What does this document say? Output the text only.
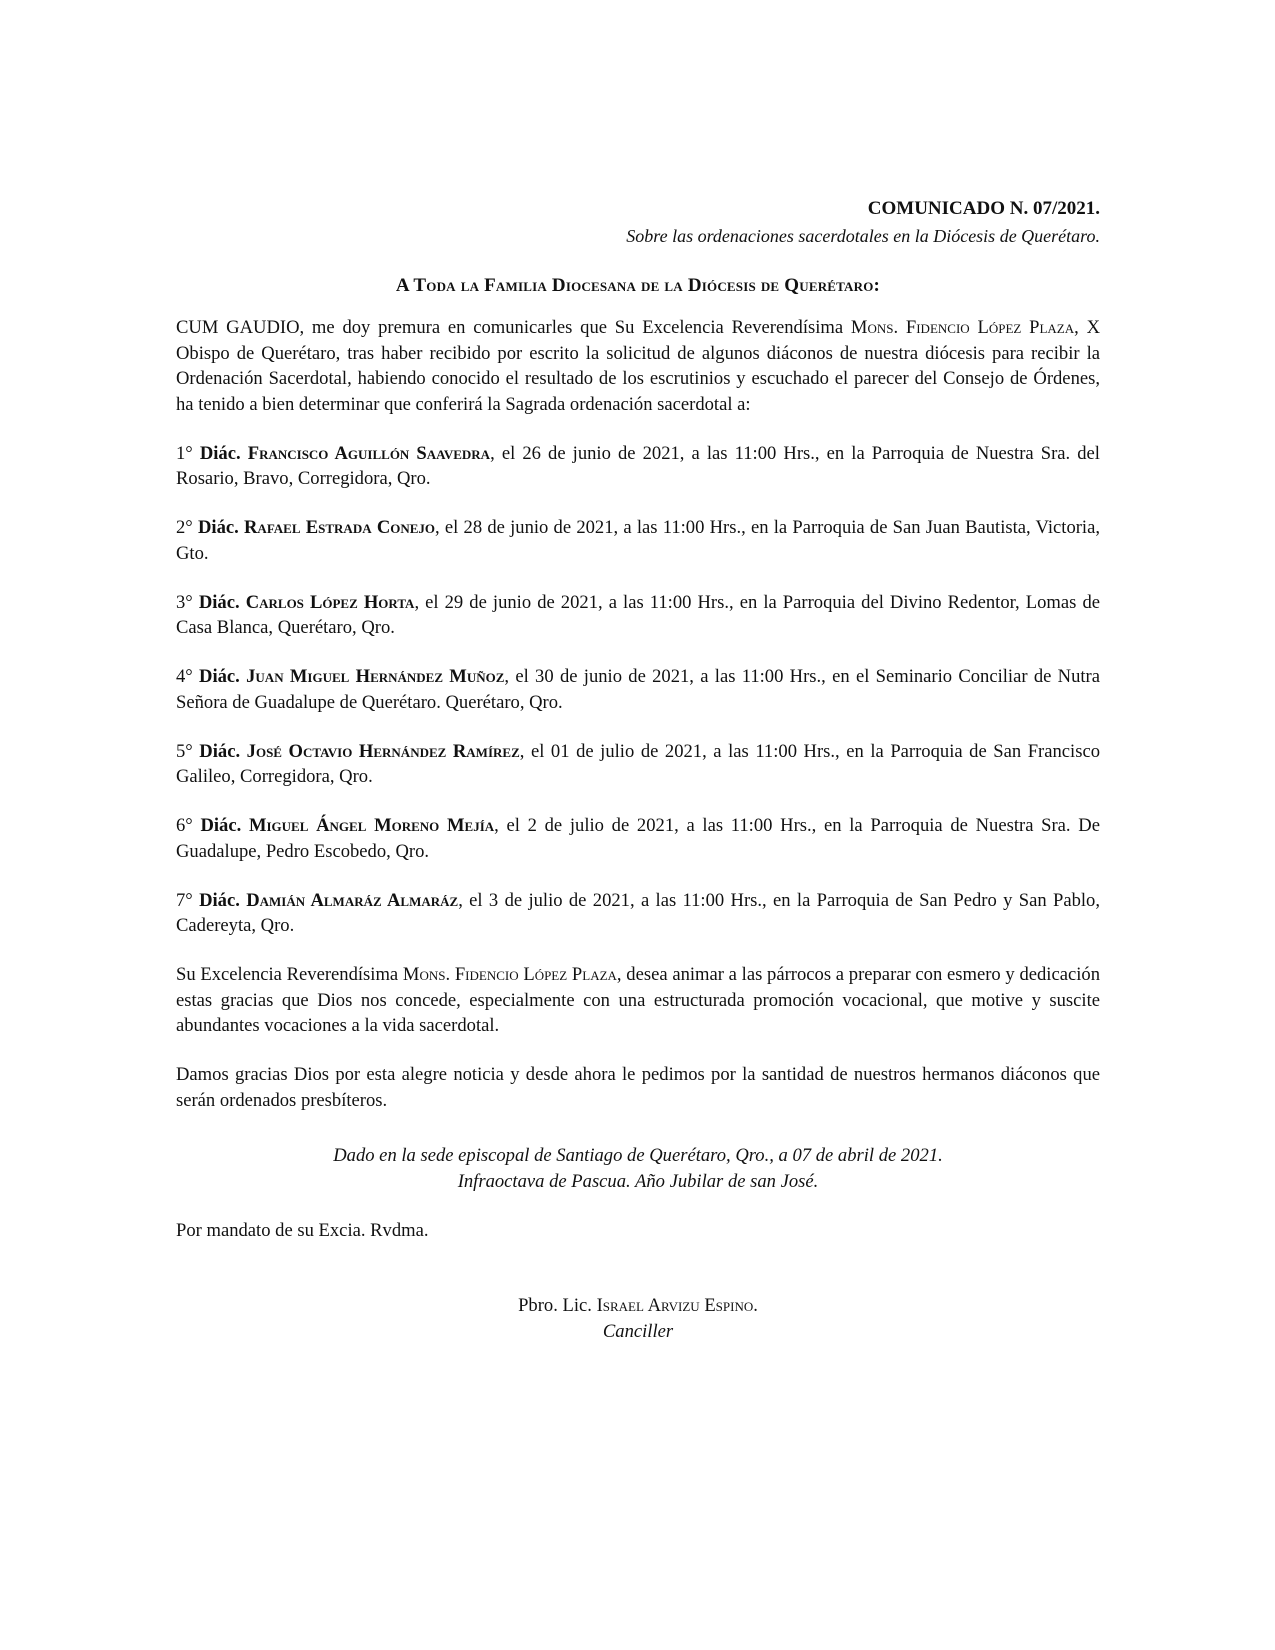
COMUNICADO N. 07/2021.
Sobre las ordenaciones sacerdotales en la Diócesis de Querétaro.
A Toda la Familia Diocesana de la Diócesis de Querétaro:

CUM GAUDIO, me doy premura en comunicarles que Su Excelencia Reverendísima Mons. Fidencio López Plaza, X Obispo de Querétaro, tras haber recibido por escrito la solicitud de algunos diáconos de nuestra diócesis para recibir la Ordenación Sacerdotal, habiendo conocido el resultado de los escrutinios y escuchado el parecer del Consejo de Órdenes, ha tenido a bien determinar que conferirá la Sagrada ordenación sacerdotal a:

1° Diác. Francisco Aguillón Saavedra, el 26 de junio de 2021, a las 11:00 Hrs., en la Parroquia de Nuestra Sra. del Rosario, Bravo, Corregidora, Qro.

2° Diác. Rafael Estrada Conejo, el 28 de junio de 2021, a las 11:00 Hrs., en la Parroquia de San Juan Bautista, Victoria, Gto.

3° Diác. Carlos López Horta, el 29 de junio de 2021, a las 11:00 Hrs., en la Parroquia del Divino Redentor, Lomas de Casa Blanca, Querétaro, Qro.

4° Diác. Juan Miguel Hernández Muñoz, el 30 de junio de 2021, a las 11:00 Hrs., en el Seminario Conciliar de Nutra Señora de Guadalupe de Querétaro. Querétaro, Qro.

5° Diác. José Octavio Hernández Ramírez, el 01 de julio de 2021, a las 11:00 Hrs., en la Parroquia de San Francisco Galileo, Corregidora, Qro.

6° Diác. Miguel Ángel Moreno Mejía, el 2 de julio de 2021, a las 11:00 Hrs., en la Parroquia de Nuestra Sra. De Guadalupe, Pedro Escobedo, Qro.

7° Diác. Damián Almaráz Almaráz, el 3 de julio de 2021, a las 11:00 Hrs., en la Parroquia de San Pedro y San Pablo, Cadereyta, Qro.

Su Excelencia Reverendísima Mons. Fidencio López Plaza, desea animar a las párrocos a preparar con esmero y dedicación estas gracias que Dios nos concede, especialmente con una estructurada promoción vocacional, que motive y suscite abundantes vocaciones a la vida sacerdotal.

Damos gracias Dios por esta alegre noticia y desde ahora le pedimos por la santidad de nuestros hermanos diáconos que serán ordenados presbíteros.

Dado en la sede episcopal de Santiago de Querétaro, Qro., a 07 de abril de 2021.
Infraoctava de Pascua. Año Jubilar de san José.
Por mandato de su Excia. Rvdma.
Pbro. Lic. Israel Arvizu Espino.
Canciller
